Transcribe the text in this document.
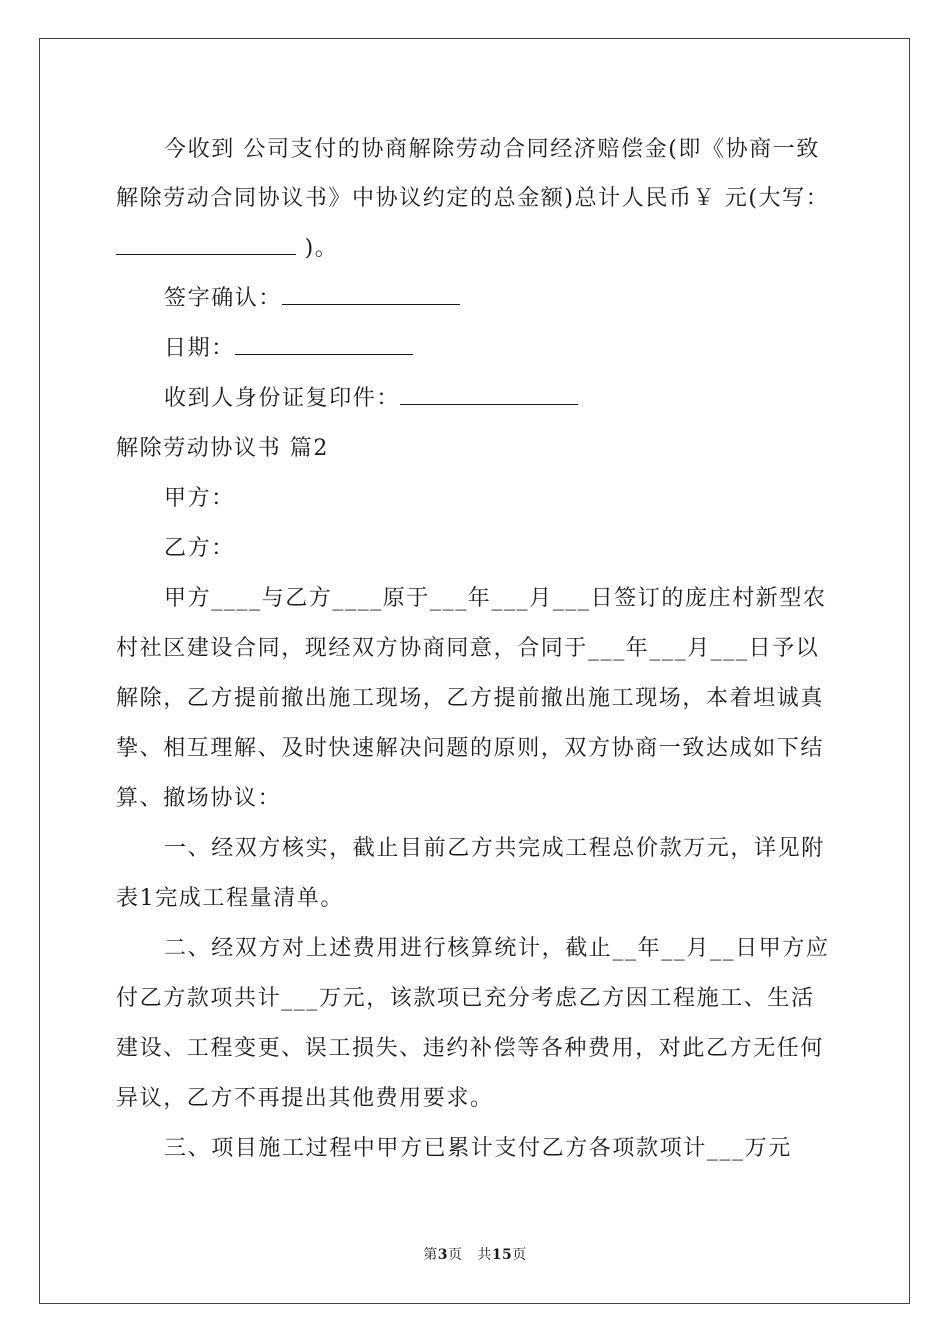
今收到 公司支付的协商解除劳动合同经济赔偿金(即《协商一致
解除劳动合同协议书》中协议约定的总金额)总计人民币￥ 元(大写：
)。
签字确认：
日期：
收到人身份证复印件：
解除劳动协议书 篇2
甲方：
乙方：
甲方____与乙方____原于___年___月___日签订的庞庄村新型农
村社区建设合同，现经双方协商同意，合同于___年___月___日予以
解除，乙方提前撤出施工现场，乙方提前撤出施工现场，本着坦诚真
挚、相互理解、及时快速解决问题的原则，双方协商一致达成如下结
算、撤场协议：
一、经双方核实，截止目前乙方共完成工程总价款万元，详见附
表1完成工程量清单。
二、经双方对上述费用进行核算统计，截止__年__月__日甲方应
付乙方款项共计___万元，该款项已充分考虑乙方因工程施工、生活
建设、工程变更、误工损失、违约补偿等各种费用，对此乙方无任何
异议，乙方不再提出其他费用要求。
三、项目施工过程中甲方已累计支付乙方各项款项计___万元
第3页 共15页
